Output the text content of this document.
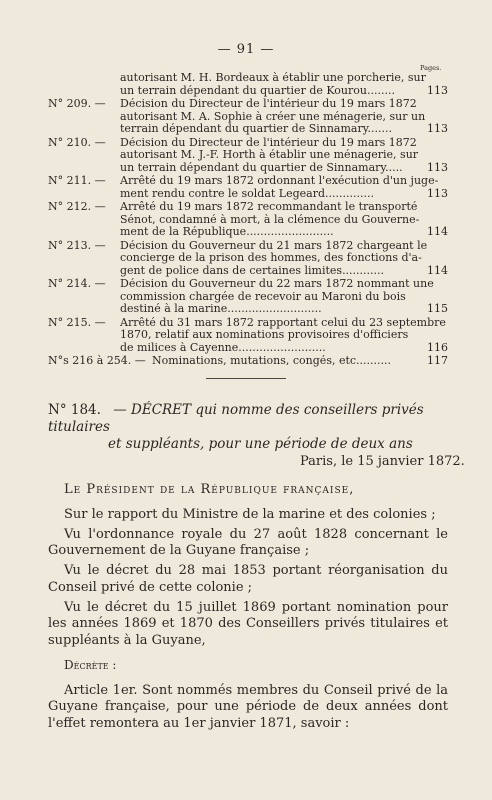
— 91 —
Pages.
autorisant M. H. Bordeaux à établir une porcherie, sur
un terrain dépendant du quartier de Kourou........	113
N° 209. —	Décision du Directeur de l'intérieur du 19 mars 1872
autorisant M. A. Sophie à créer une ménagerie, sur un
terrain dépendant du quartier de Sinnamary.......	113
N° 210. —	Décision du Directeur de l'intérieur du 19 mars 1872
autorisant M. J.-F. Horth à établir une ménagerie, sur
un terrain dépendant du quartier de Sinnamary.....	113
N° 211. —	Arrêté du 19 mars 1872 ordonnant l'exécution d'un juge-
ment rendu contre le soldat Legeard..............	113
N° 212. —	Arrêté du 19 mars 1872 recommandant le transporté
Sénot, condamné à mort, à la clémence du Gouverne-
ment de la République.........................	114
N° 213. —	Décision du Gouverneur du 21 mars 1872 chargeant le
concierge de la prison des hommes, des fonctions d'a-
gent de police dans de certaines limites............	114
N° 214. —	Décision du Gouverneur du 22 mars 1872 nommant une
commission chargée de recevoir au Maroni du bois
destiné à la marine...........................	115
N° 215. —	Arrêté du 31 mars 1872 rapportant celui du 23 septembre
1870, relatif aux nominations provisoires d'officiers
de milices à Cayenne.........................	116
N°s 216 à 254. — Nominations, mutations, congés, etc..........	117
N° 184. — DÉCRET qui nomme des conseillers privés titulaires
et suppléants, pour une période de deux ans
Paris, le 15 janvier 1872.

Le Président de la République française,

Sur le rapport du Ministre de la marine et des colonies ;

Vu l'ordonnance royale du 27 août 1828 concernant le Gouvernement de la Guyane française ;

Vu le décret du 28 mai 1853 portant réorganisation du Conseil privé de cette colonie ;

Vu le décret du 15 juillet 1869 portant nomination pour les années 1869 et 1870 des Conseillers privés titulaires et suppléants à la Guyane,

Décrète :

Article 1er. Sont nommés membres du Conseil privé de la Guyane française, pour une période de deux années dont l'effet remontera au 1er janvier 1871, savoir :
